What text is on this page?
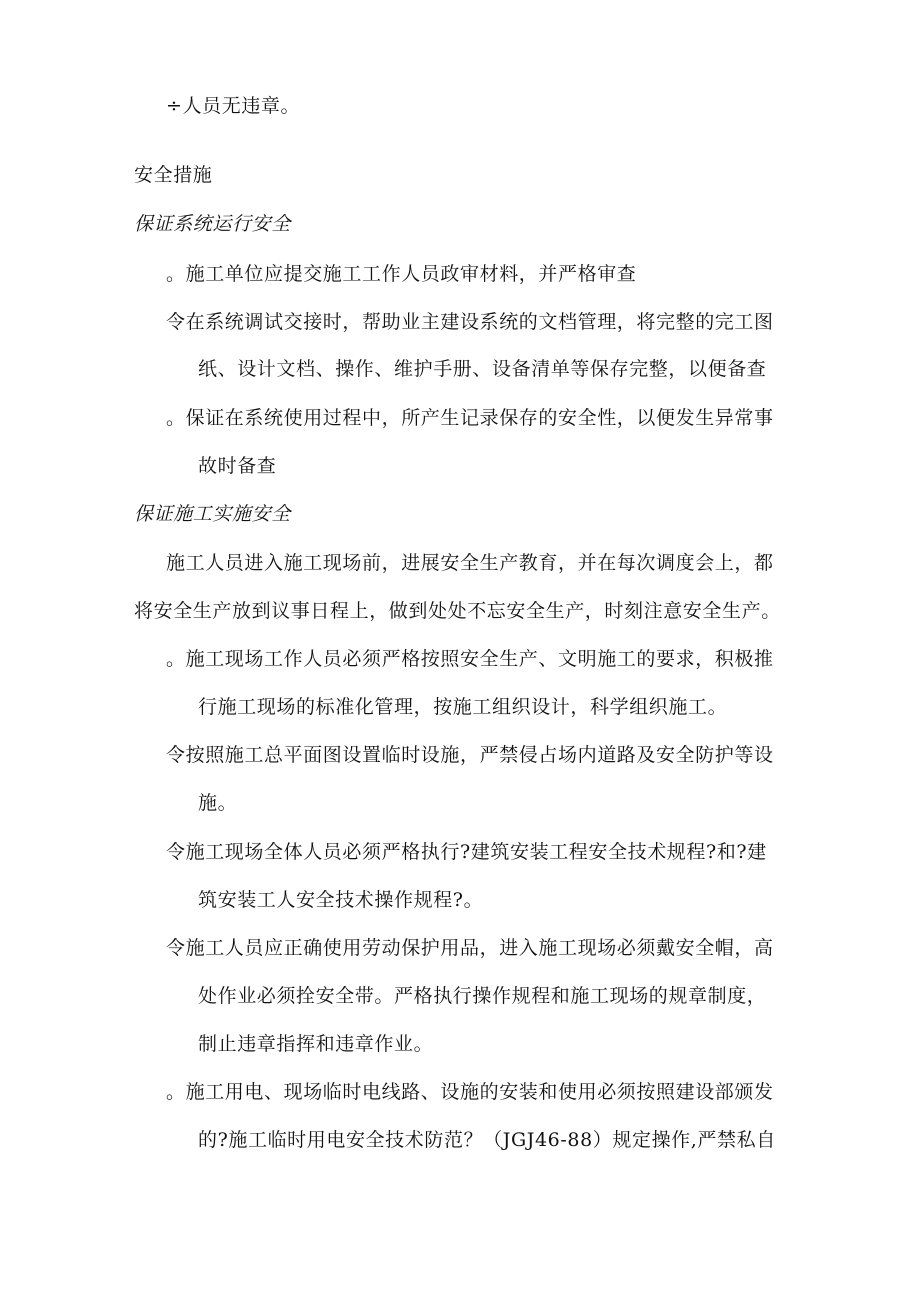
÷人员无违章。
安全措施
保证系统运行安全
。施工单位应提交施工工作人员政审材料，并严格审查
令在系统调试交接时，帮助业主建设系统的文档管理，将完整的完工图
纸、设计文档、操作、维护手册、设备清单等保存完整，以便备查
。保证在系统使用过程中，所产生记录保存的安全性，以便发生异常事
故时备查
保证施工实施安全
施工人员进入施工现场前，进展安全生产教育，并在每次调度会上，都
将安全生产放到议事日程上，做到处处不忘安全生产，时刻注意安全生产。
。施工现场工作人员必须严格按照安全生产、文明施工的要求，积极推
行施工现场的标准化管理，按施工组织设计，科学组织施工。
令按照施工总平面图设置临时设施，严禁侵占场内道路及安全防护等设
施。
令施工现场全体人员必须严格执行?建筑安装工程安全技术规程?和?建
筑安装工人安全技术操作规程?。
令施工人员应正确使用劳动保护用品，进入施工现场必须戴安全帽，高
处作业必须拴安全带。严格执行操作规程和施工现场的规章制度，
制止违章指挥和违章作业。
。施工用电、现场临时电线路、设施的安装和使用必须按照建设部颁发
的?施工临时用电安全技术防范？（JGJ46-88）规定操作,严禁私自
